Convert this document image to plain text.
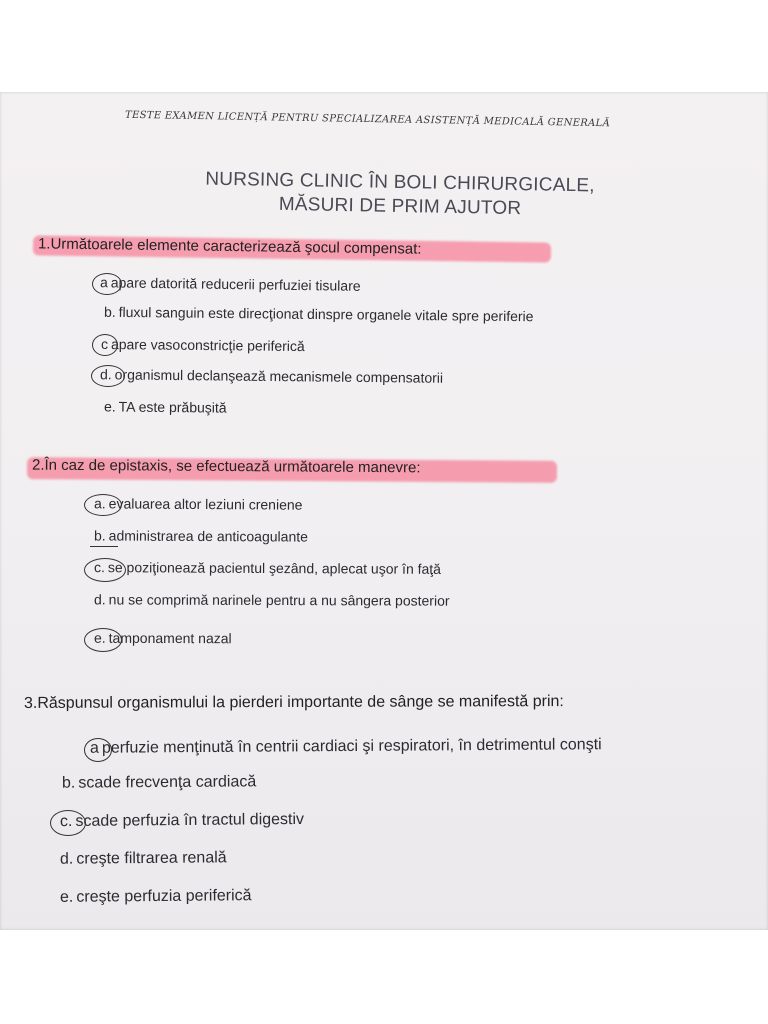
TESTE EXAMEN LICENȚĂ PENTRU SPECIALIZAREA ASISTENȚĂ MEDICALĂ GENERALĂ
NURSING CLINIC ÎN BOLI CHIRURGICALE,
MĂSURI DE PRIM AJUTOR
1.Următoarele elemente caracterizează şocul compensat:
a apare datorită reducerii perfuziei tisulare
b. fluxul sanguin este direcţionat dinspre organele vitale spre periferie
c apare vasoconstricţie periferică
d. organismul declanşează mecanismele compensatorii
e. TA este prăbuşită
2.În caz de epistaxis, se efectuează următoarele manevre:
a. evaluarea altor leziuni creniene
b. administrarea de anticoagulante
c. se poziţionează pacientul şezând, aplecat uşor în faţă
d. nu se comprimă narinele pentru a nu sângera posterior
e. tamponament nazal
3.Răspunsul organismului la pierderi importante de sânge se manifestă prin:
a perfuzie menţinută în centrii cardiaci şi respiratori, în detrimentul conşti
b. scade frecvenţa cardiacă
c. scade perfuzia în tractul digestiv
d. creşte filtrarea renală
e. creşte perfuzia periferică
